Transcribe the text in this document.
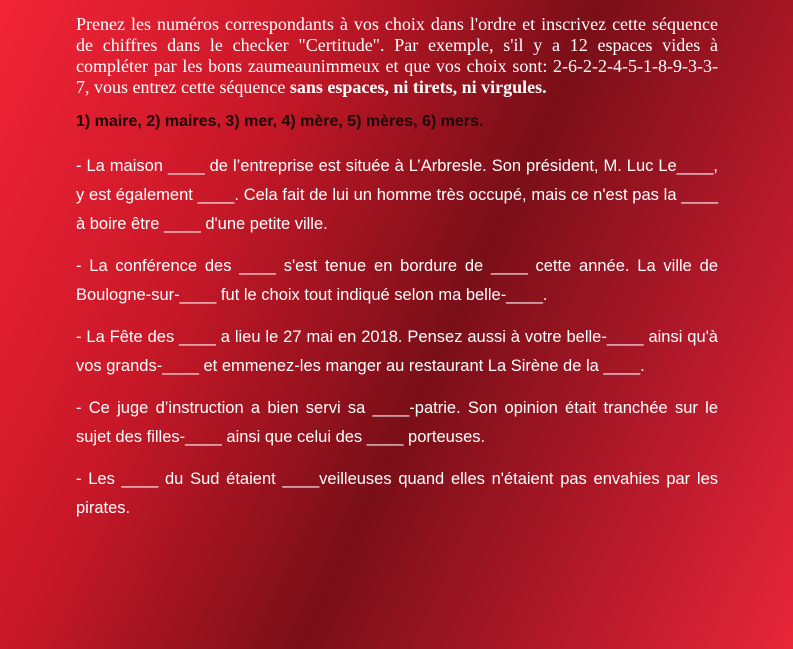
Prenez les numéros correspondants à vos choix dans l'ordre et inscrivez cette séquence de chiffres dans le checker "Certitude". Par exemple, s'il y a 12 espaces vides à compléter par les bons zaumeaunimmeux et que vos choix sont: 2-6-2-2-4-5-1-8-9-3-3-7, vous entrez cette séquence sans espaces, ni tirets, ni virgules.

1) maire, 2) maires, 3) mer, 4) mère, 5) mères, 6) mers.

- La maison ____ de l’entreprise est située à L’Arbresle. Son président, M. Luc Le____, y est également ____. Cela fait de lui un homme très occupé, mais ce n'est pas la ____ à boire être ____ d'une petite ville.

- La conférence des ____ s'est tenue en bordure de ____ cette année. La ville de Boulogne-sur-____ fut le choix tout indiqué selon ma belle-____.

- La Fête des ____ a lieu le 27 mai en 2018. Pensez aussi à votre belle-____ ainsi qu'à vos grands-____ et emmenez-les manger au restaurant La Sirène de la ____.

- Ce juge d’instruction a bien servi sa ____-patrie. Son opinion était tranchée sur le sujet des filles-____ ainsi que celui des ____ porteuses.

- Les ____ du Sud étaient ____veilleuses quand elles n'étaient pas envahies par les pirates.
